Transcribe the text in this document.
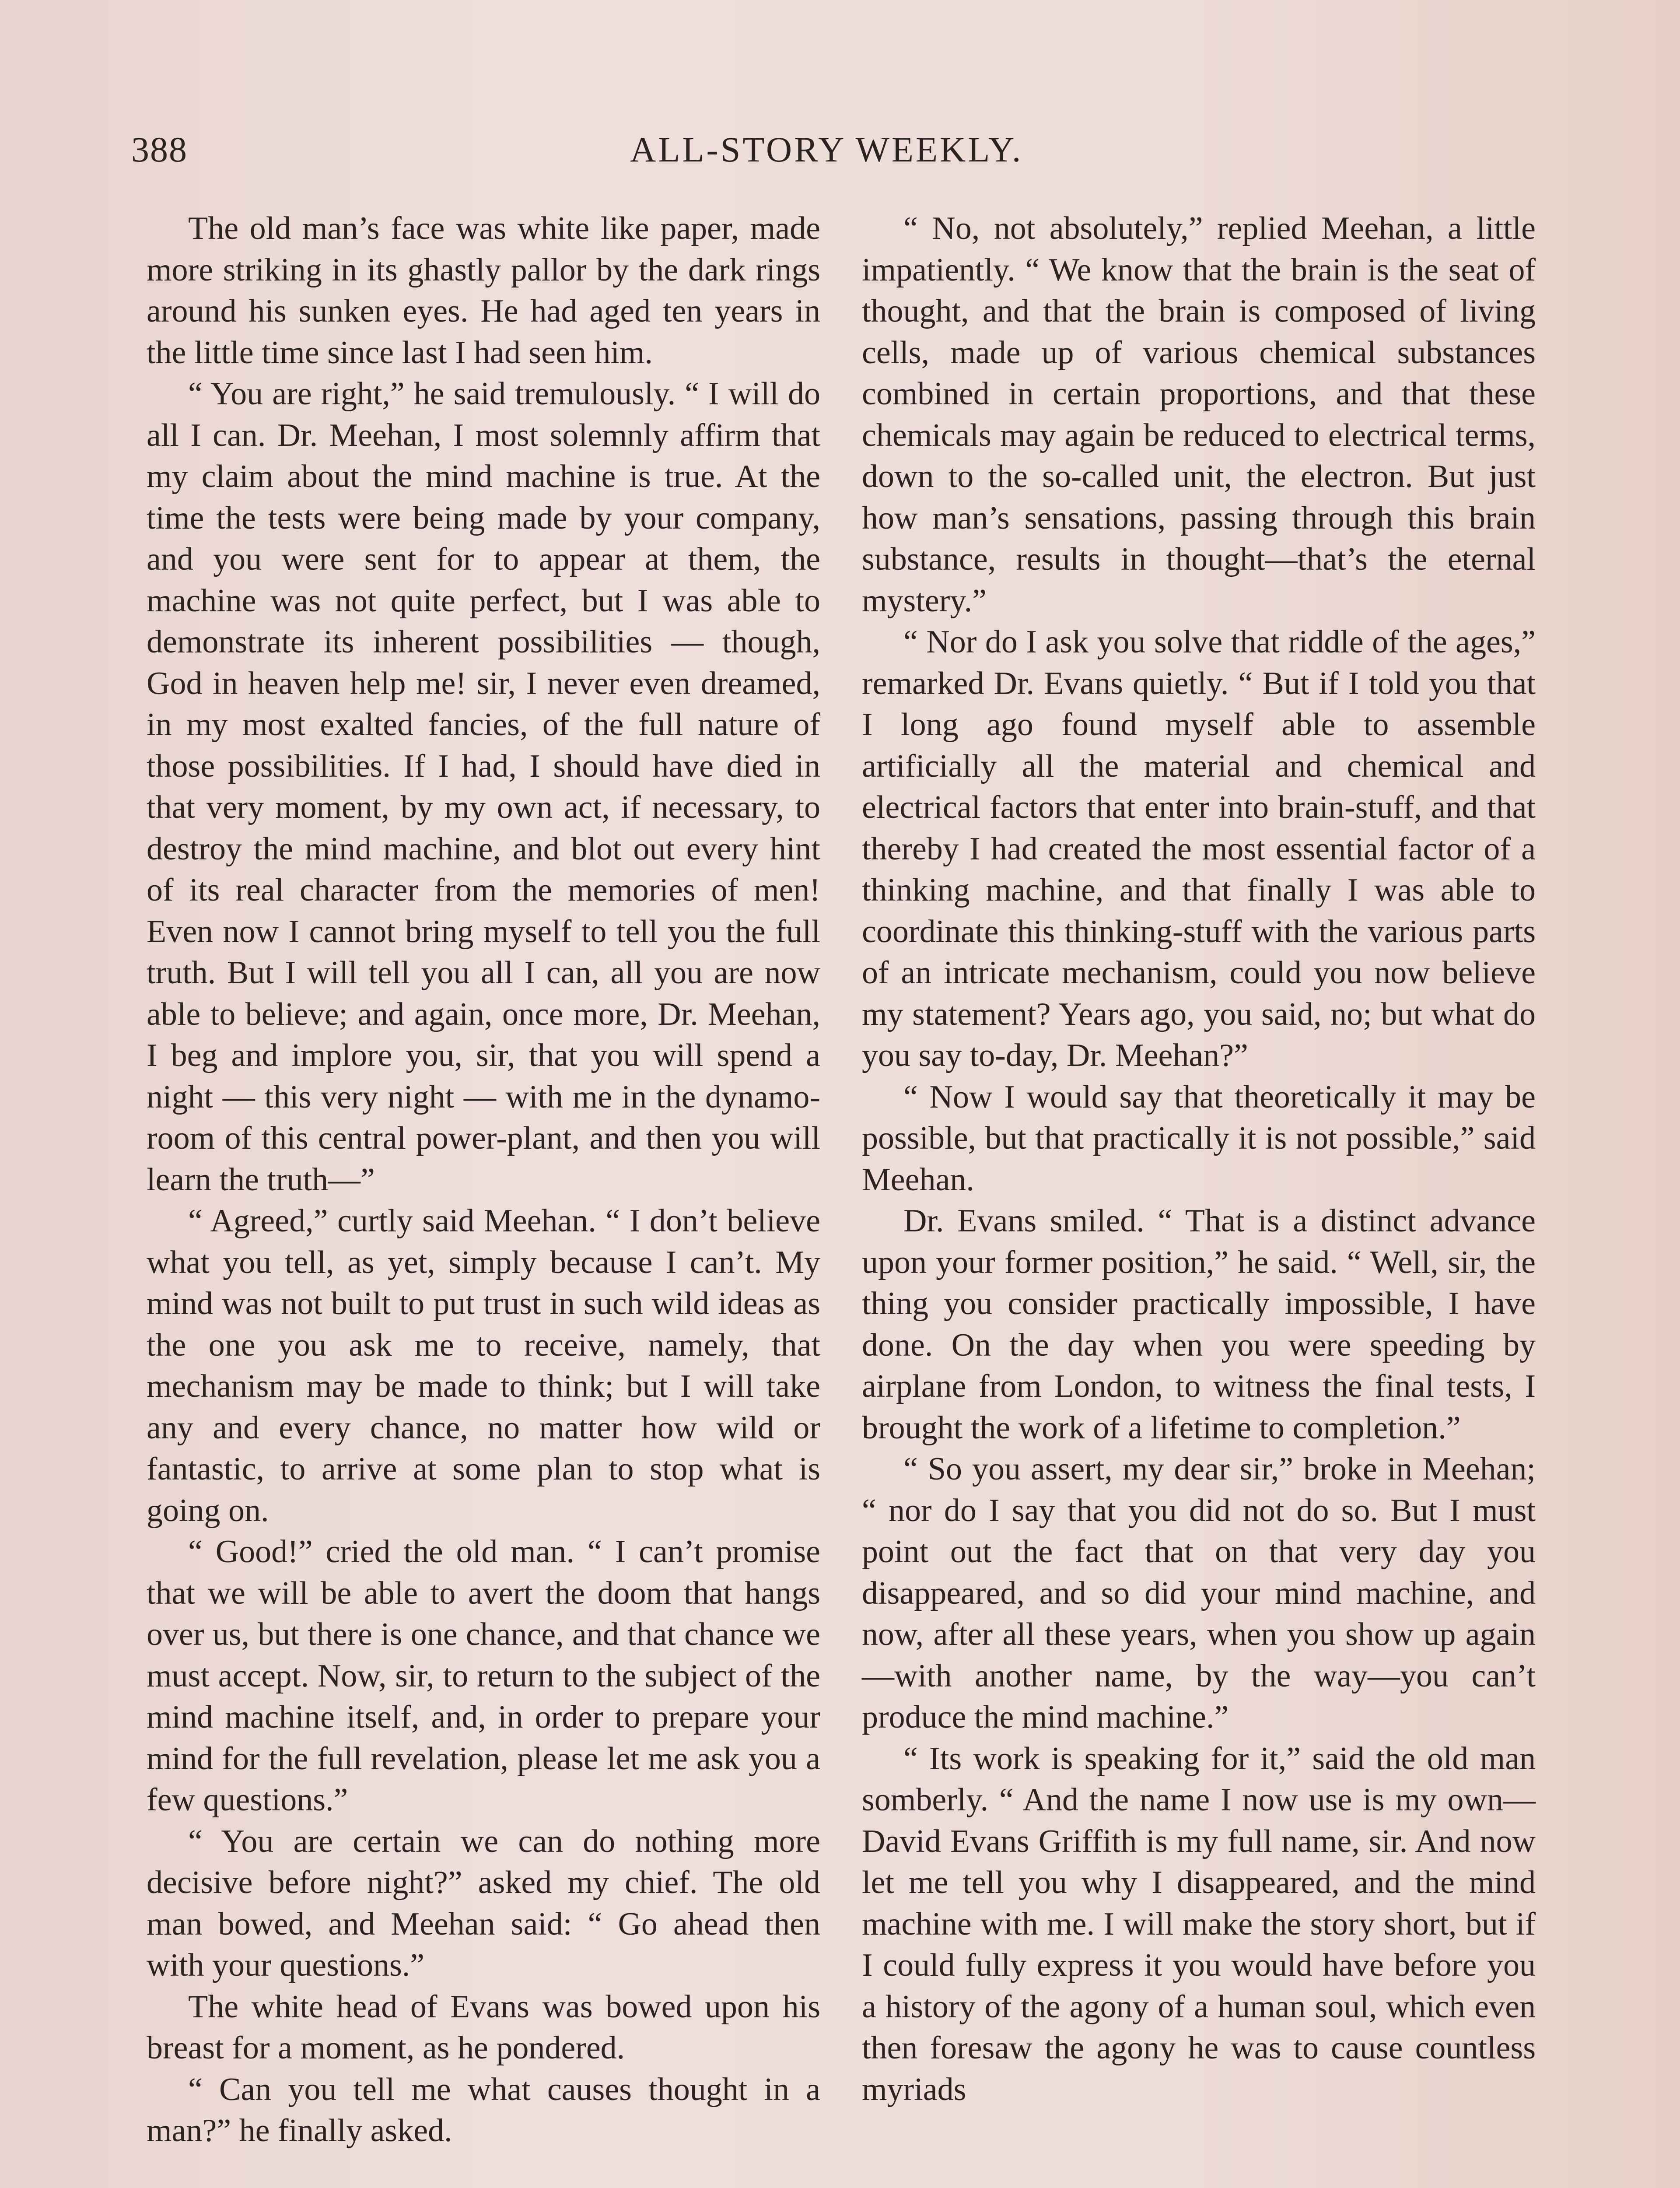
388	ALL-STORY WEEKLY.

The old man’s face was white like paper, made more striking in its ghastly pallor by the dark rings around his sunken eyes. He had aged ten years in the little time since last I had seen him.

“ You are right,” he said tremulously. “ I will do all I can. Dr. Meehan, I most solemnly affirm that my claim about the mind machine is true. At the time the tests were being made by your company, and you were sent for to appear at them, the machine was not quite perfect, but I was able to demonstrate its inherent possibilities — though, God in heaven help me! sir, I never even dreamed, in my most exalted fancies, of the full nature of those possibilities. If I had, I should have died in that very moment, by my own act, if necessary, to destroy the mind machine, and blot out every hint of its real character from the memories of men! Even now I cannot bring myself to tell you the full truth. But I will tell you all I can, all you are now able to believe; and again, once more, Dr. Meehan, I beg and implore you, sir, that you will spend a night — this very night — with me in the dynamo-room of this central power-plant, and then you will learn the truth—”

“ Agreed,” curtly said Meehan. “ I don’t believe what you tell, as yet, simply because I can’t. My mind was not built to put trust in such wild ideas as the one you ask me to receive, namely, that mechanism may be made to think; but I will take any and every chance, no matter how wild or fantastic, to arrive at some plan to stop what is going on.

“ Good!” cried the old man. “ I can’t promise that we will be able to avert the doom that hangs over us, but there is one chance, and that chance we must accept. Now, sir, to return to the subject of the mind machine itself, and, in order to prepare your mind for the full revelation, please let me ask you a few questions.”

“ You are certain we can do nothing more decisive before night?” asked my chief. The old man bowed, and Meehan said: “ Go ahead then with your questions.”

The white head of Evans was bowed upon his breast for a moment, as he pondered.

“ Can you tell me what causes thought in a man?” he finally asked.

“ No, not absolutely,” replied Meehan, a little impatiently. “ We know that the brain is the seat of thought, and that the brain is composed of living cells, made up of various chemical substances combined in certain proportions, and that these chemicals may again be reduced to electrical terms, down to the so-called unit, the electron. But just how man’s sensations, passing through this brain substance, results in thought—that’s the eternal mystery.”

“ Nor do I ask you solve that riddle of the ages,” remarked Dr. Evans quietly. “ But if I told you that I long ago found myself able to assemble artificially all the material and chemical and electrical factors that enter into brain-stuff, and that thereby I had created the most essential factor of a thinking machine, and that finally I was able to coordinate this thinking-stuff with the various parts of an intricate mechanism, could you now believe my statement? Years ago, you said, no; but what do you say to-day, Dr. Meehan?”

“ Now I would say that theoretically it may be possible, but that practically it is not possible,” said Meehan.

Dr. Evans smiled. “ That is a distinct advance upon your former position,” he said. “ Well, sir, the thing you consider practically impossible, I have done. On the day when you were speeding by airplane from London, to witness the final tests, I brought the work of a lifetime to completion.”

“ So you assert, my dear sir,” broke in Meehan; “ nor do I say that you did not do so. But I must point out the fact that on that very day you disappeared, and so did your mind machine, and now, after all these years, when you show up again—with another name, by the way—you can’t produce the mind machine.”

“ Its work is speaking for it,” said the old man somberly. “ And the name I now use is my own—David Evans Griffith is my full name, sir. And now let me tell you why I disappeared, and the mind machine with me. I will make the story short, but if I could fully express it you would have before you a history of the agony of a human soul, which even then foresaw the agony he was to cause countless myriads
